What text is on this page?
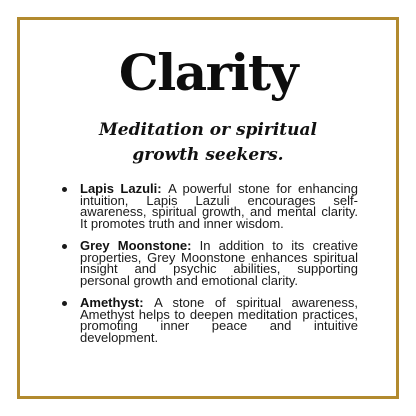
Clarity
Meditation or spiritual
growth seekers.
Lapis Lazuli: A powerful stone for enhancing intuition, Lapis Lazuli encourages self-awareness, spiritual growth, and mental clarity. It promotes truth and inner wisdom.
Grey Moonstone: In addition to its creative properties, Grey Moonstone enhances spiritual insight and psychic abilities, supporting personal growth and emotional clarity.
Amethyst: A stone of spiritual awareness, Amethyst helps to deepen meditation practices, promoting inner peace and intuitive development.
